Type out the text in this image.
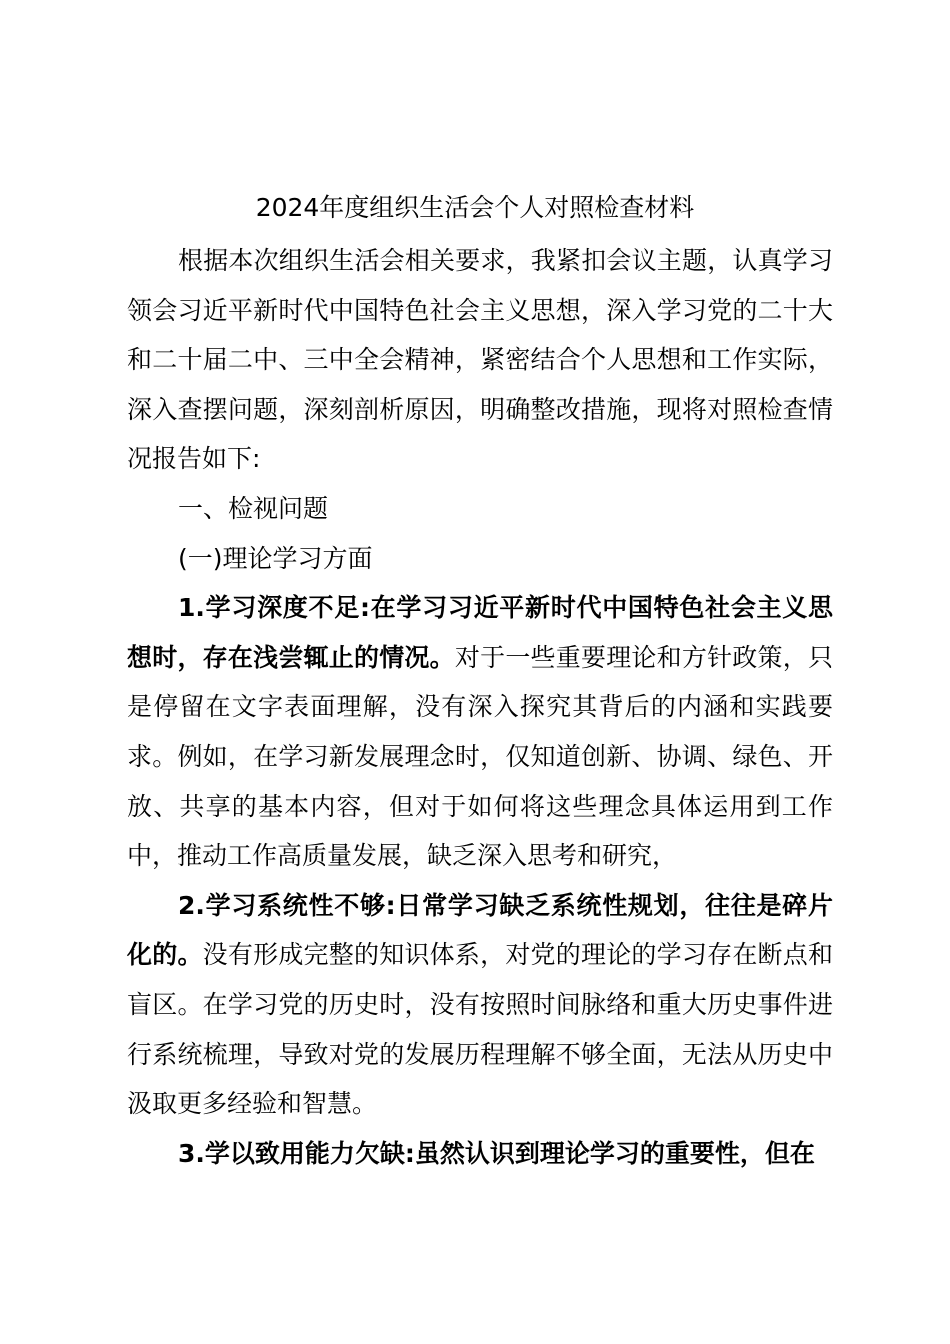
2024年度组织生活会个人对照检查材料

根据本次组织生活会相关要求，我紧扣会议主题，认真学习领会习近平新时代中国特色社会主义思想，深入学习党的二十大和二十届二中、三中全会精神，紧密结合个人思想和工作实际，深入查摆问题，深刻剖析原因，明确整改措施，现将对照检查情况报告如下:

一、检视问题

(一)理论学习方面

1.学习深度不足:在学习习近平新时代中国特色社会主义思想时，存在浅尝辄止的情况。对于一些重要理论和方针政策，只是停留在文字表面理解，没有深入探究其背后的内涵和实践要求。例如，在学习新发展理念时，仅知道创新、协调、绿色、开放、共享的基本内容，但对于如何将这些理念具体运用到工作中，推动工作高质量发展，缺乏深入思考和研究，

2.学习系统性不够:日常学习缺乏系统性规划，往往是碎片化的。没有形成完整的知识体系，对党的理论的学习存在断点和盲区。在学习党的历史时，没有按照时间脉络和重大历史事件进行系统梳理，导致对党的发展历程理解不够全面，无法从历史中汲取更多经验和智慧。

3.学以致用能力欠缺:虽然认识到理论学习的重要性，但在
